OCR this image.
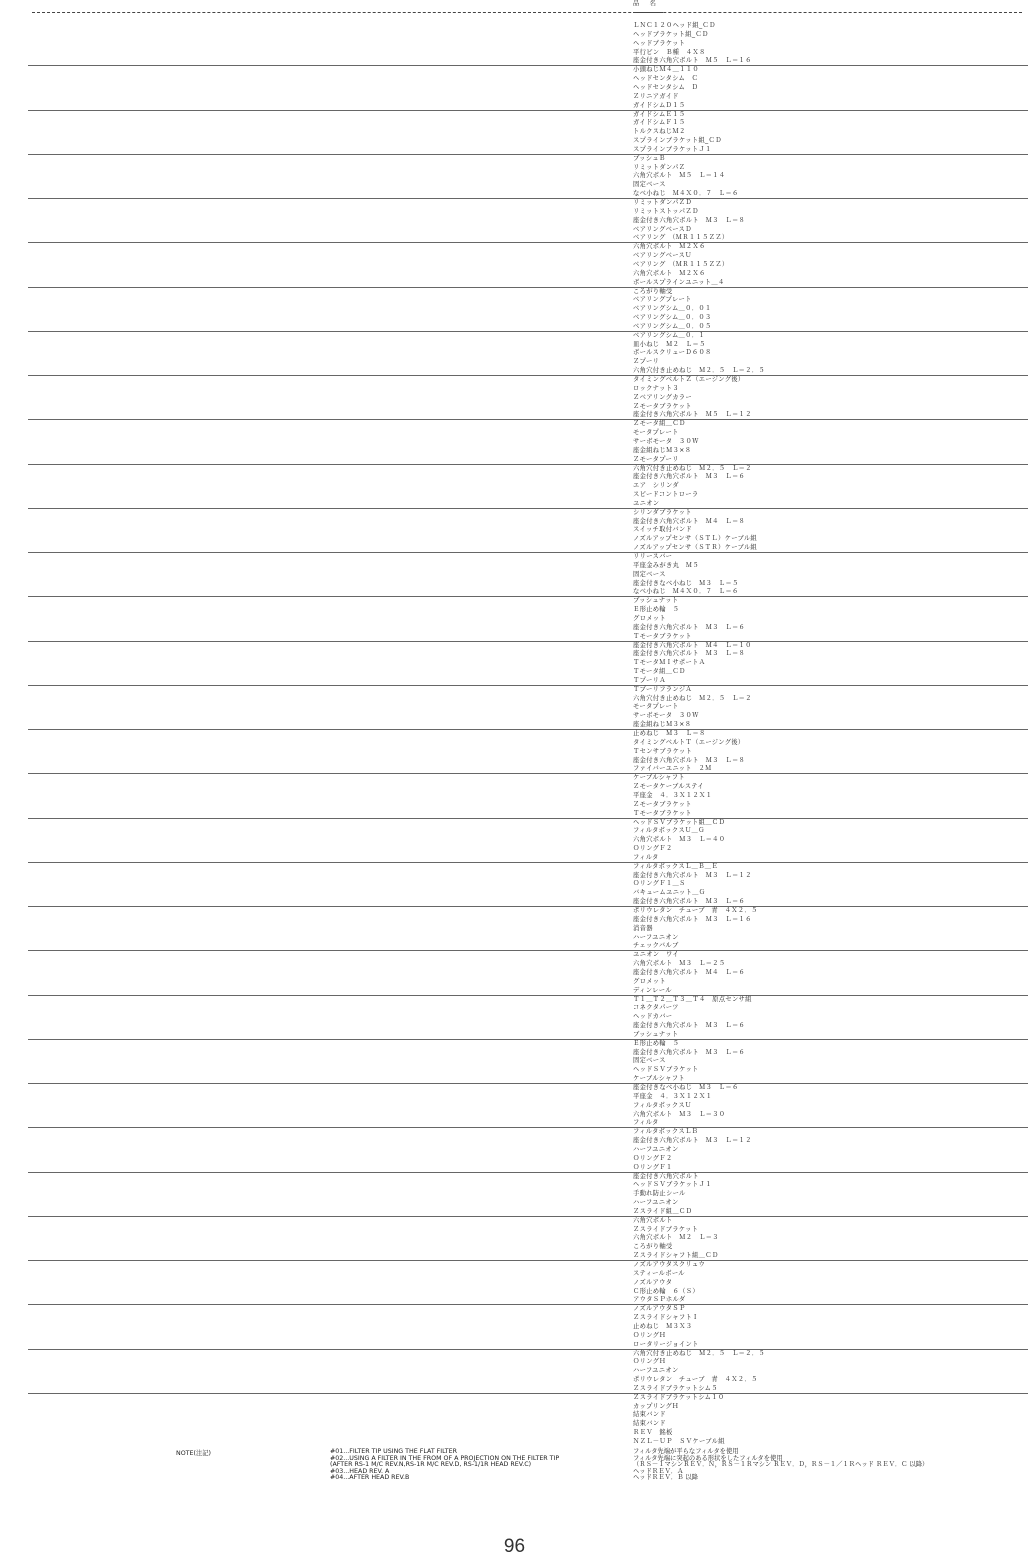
品　名
ＬＮＣ１２０ヘッド組_ＣＤ
ヘッドブラケット組_ＣＤ
ヘッドブラケット
平行ピン　Ｂ種　４Ｘ８
座金付き六角穴ボルト　Ｍ５　Ｌ＝１６
小頭ねじＭ４＿１１０
ヘッドセンタシム　Ｃ
ヘッドセンタシム　Ｄ
Ｚリニアガイド
ガイドシムＤ１５
ガイドシムＥ１５
ガイドシムＦ１５
トルクスねじＭ２
スプラインブラケット組_ＣＤ
スプラインブラケットＪ１
ブッシュＢ
リミットダンパＺ
六角穴ボルト　Ｍ５　Ｌ＝１４
固定ベース
なべ小ねじ　Ｍ４Ｘ０．７　Ｌ＝６
リミットダンパＺＤ
リミットストッパＺＤ
座金付き六角穴ボルト　Ｍ３　Ｌ＝８
ベアリングベースＤ
ベアリング　（ＭＲ１１５ＺＺ）
六角穴ボルト　Ｍ２Ｘ６
ベアリングベースＵ
ベアリング　（ＭＲ１１５ＺＺ）
六角穴ボルト　Ｍ２Ｘ６
ボールスプラインユニット＿４
ころがり軸受
ベアリングプレート
ベアリングシム＿０．０１
ベアリングシム＿０．０３
ベアリングシム＿０．０５
ベアリングシム＿０．１
皿小ねじ　Ｍ２　Ｌ＝５
ボールスクリューＤ６０８
Ｚプーリ
六角穴付き止めねじ　Ｍ２．５　Ｌ＝２．５
タイミングベルトＺ（エージング後）
ロックナット３
Ｚベアリングカラー
Ｚモータブラケット
座金付き六角穴ボルト　Ｍ５　Ｌ＝１２
Ｚモータ組＿ＣＤ
モータプレート
サーボモータ　３０Ｗ
座金組ねじＭ３×８
Ｚモータプーリ
六角穴付き止めねじ　Ｍ２．５　Ｌ＝２
座金付き六角穴ボルト　Ｍ３　Ｌ＝６
エア　シリンダ
スピードコントローラ
ユニオン
シリンダブラケット
座金付き六角穴ボルト　Ｍ４　Ｌ＝８
スイッチ取付バンド
ノズルアップセンサ（ＳＴＬ）ケーブル組
ノズルアップセンサ（ＳＴＲ）ケーブル組
リリースバー
平座金みがき丸　Ｍ５
固定ベース
座金付きなべ小ねじ　Ｍ３　Ｌ＝５
なべ小ねじ　Ｍ４Ｘ０．７　Ｌ＝６
ブッシュナット
Ｅ形止め輪　５
グロメット
座金付き六角穴ボルト　Ｍ３　Ｌ＝６
Ｔモータブラケット
座金付き六角穴ボルト　Ｍ４　Ｌ＝１０
座金付き六角穴ボルト　Ｍ３　Ｌ＝８
ＴモータＭＩサポートＡ
Ｔモータ組＿ＣＤ
ＴプーリＡ
ＴプーリフランジＡ
六角穴付き止めねじ　Ｍ２．５　Ｌ＝２
モータプレート
サーボモータ　３０Ｗ
座金組ねじＭ３×８
止めねじ　Ｍ３　Ｌ＝８
タイミングベルトＴ（エージング後）
Ｔセンサブラケット
座金付き六角穴ボルト　Ｍ３　Ｌ＝８
ファイバーユニット　２Ｍ
ケーブルシャフト
Ｚモータケーブルステイ
平座金　４．３Ｘ１２Ｘ１
Ｚモータブラケット
Ｔモータブラケット
ヘッドＳＶブラケット組＿ＣＤ
フィルタボックスＵ＿Ｇ
六角穴ボルト　Ｍ３　Ｌ＝４０
ＯリングＦ２
フィルタ
フィルタボックスＬ＿Ｂ＿Ｅ
座金付き六角穴ボルト　Ｍ３　Ｌ＝１２
ＯリングＦ１＿Ｓ
バキュームユニット＿Ｇ
座金付き六角穴ボルト　Ｍ３　Ｌ＝６
ポリウレタン　チューブ　青　４Ｘ２．５
座金付き六角穴ボルト　Ｍ３　Ｌ＝１６
消音器
ハーフユニオン
チェックバルブ
ユニオン　ワイ
六角穴ボルト　Ｍ３　Ｌ＝２５
座金付き六角穴ボルト　Ｍ４　Ｌ＝６
グロメット
ディンレール
Ｔ１＿Ｔ２＿Ｔ３＿Ｔ４　原点センサ組
コネクタパーツ
ヘッドカバー
座金付き六角穴ボルト　Ｍ３　Ｌ＝６
ブッシュナット
Ｅ形止め輪　５
座金付き六角穴ボルト　Ｍ３　Ｌ＝６
固定ベース
ヘッドＳＶブラケット
ケーブルシャフト
座金付きなべ小ねじ　Ｍ３　Ｌ＝６
平座金　４．３Ｘ１２Ｘ１
フィルタボックスＵ
六角穴ボルト　Ｍ３　Ｌ＝３０
フィルタ
フィルタボックスＬＢ
座金付き六角穴ボルト　Ｍ３　Ｌ＝１２
ハーフユニオン
ＯリングＦ２
ＯリングＦ１
座金付き六角穴ボルト
ヘッドＳＶブラケットＪ１
手動れ防止シール
ハーフユニオン
Ｚスライド組＿ＣＤ
六角穴ボルト
Ｚスライドブラケット
六角穴ボルト　Ｍ２　Ｌ＝３
ころがり軸受
Ｚスライドシャフト組＿ＣＤ
ノズルアウタスクリュウ
スティールボール
ノズルアウタ
Ｃ形止め輪　６（Ｓ）
アウタＳＰホルダ
ノズルアウタＳＰ
ＺスライドシャフトＩ
止めねじ　Ｍ３Ｘ３
ＯリングＨ
ロータリージョイント
六角穴付き止めねじ　Ｍ２．５　Ｌ＝２．５
ＯリングＨ
ハーフユニオン
ポリウレタン　チューブ　青　４Ｘ２．５
Ｚスライドブラケットシム５
Ｚスライドブラケットシム１０
カップリングＨ
結束バンド
結束バンド
ＲＥＶ　銘板
ＮＺＬ－ＵＰ　ＳＶケーブル組
NOTE(注記)	#01...FILTER TIP USING THE FLAT FILTER
#02...USING A FILTER IN THE FROM OF A PROJECTION ON THE FILTER TIP
(AFTER RS-1 M/C REV.N,RS-1R M/C REV.D, RS-1/1R HEAD REV.C)
#03...HEAD REV. A
#04...AFTER HEAD REV.B
フィルタ先端が平らなフィルタを使用
フィルタ先端に突起のある形状をしたフィルタを使用
（ＲＳ－１マシンＲＥＶ．Ｎ，ＲＳ－１Ｒマシン ＲＥＶ．Ｄ，ＲＳ－１／１Ｒヘッド ＲＥＶ．Ｃ 以降）
ヘッドＲＥＶ．Ａ
ヘッドＲＥＶ．Ｂ 以降
96
